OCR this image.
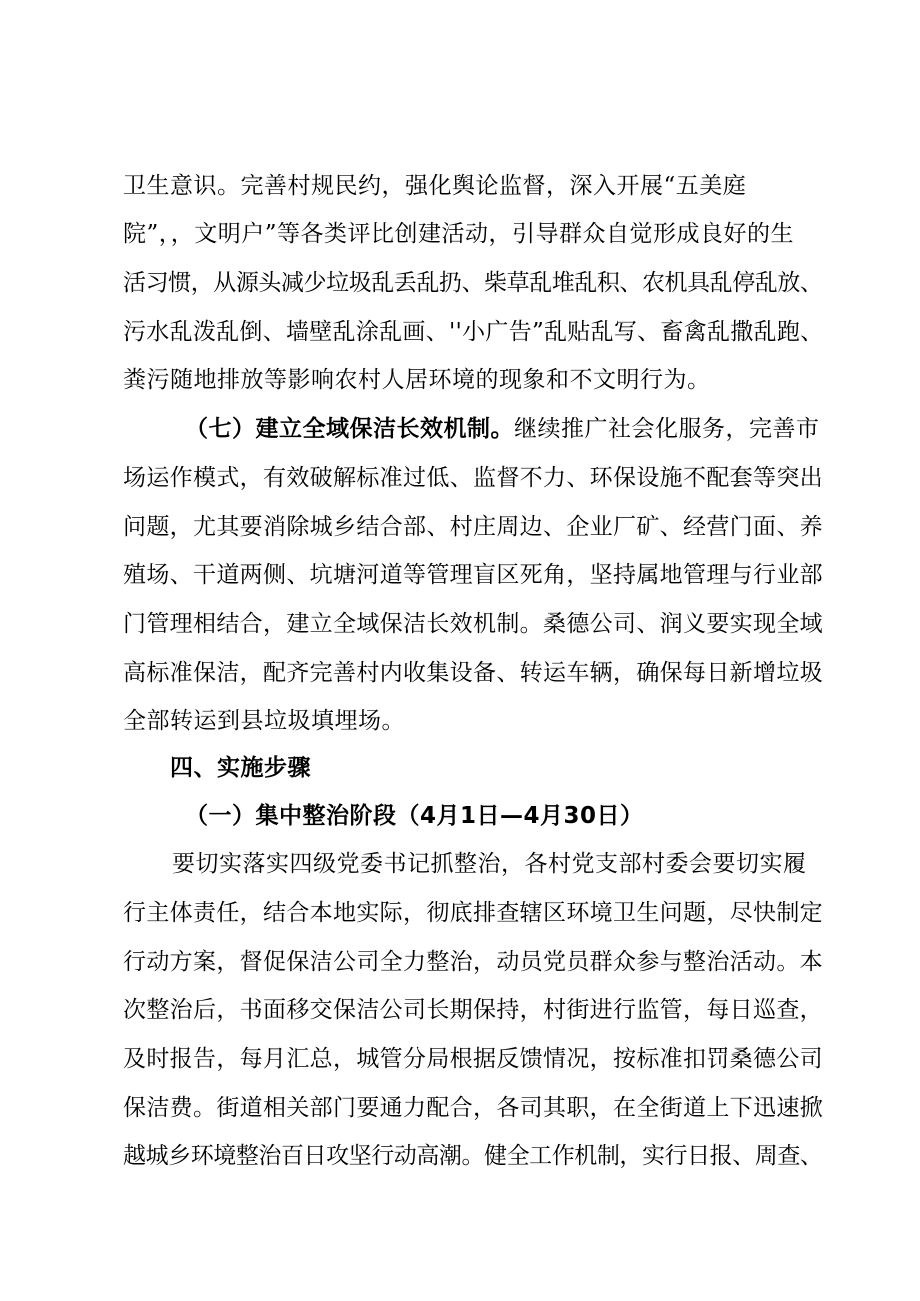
卫生意识。完善村规民约，强化舆论监督，深入开展“五美庭
院”，，文明户”等各类评比创建活动，引导群众自觉形成良好的生
活习惯，从源头减少垃圾乱丢乱扔、柴草乱堆乱积、农机具乱停乱放、
污水乱泼乱倒、墙壁乱涂乱画、''小广告”乱贴乱写、畜禽乱撒乱跑、
粪污随地排放等影响农村人居环境的现象和不文明行为。
（七）建立全域保洁长效机制。继续推广社会化服务，完善市
场运作模式，有效破解标准过低、监督不力、环保设施不配套等突出
问题，尤其要消除城乡结合部、村庄周边、企业厂矿、经营门面、养
殖场、干道两侧、坑塘河道等管理盲区死角，坚持属地管理与行业部
门管理相结合，建立全域保洁长效机制。桑德公司、润义要实现全域
高标准保洁，配齐完善村内收集设备、转运车辆，确保每日新增垃圾
全部转运到县垃圾填埋场。
四、实施步骤
（一）集中整治阶段（4月1日—4月30日）
要切实落实四级党委书记抓整治，各村党支部村委会要切实履
行主体责任，结合本地实际，彻底排查辖区环境卫生问题，尽快制定
行动方案，督促保洁公司全力整治，动员党员群众参与整治活动。本
次整治后，书面移交保洁公司长期保持，村街进行监管，每日巡查，
及时报告，每月汇总，城管分局根据反馈情况，按标准扣罚桑德公司
保洁费。街道相关部门要通力配合，各司其职，在全街道上下迅速掀
越城乡环境整治百日攻坚行动高潮。健全工作机制，实行日报、周查、
